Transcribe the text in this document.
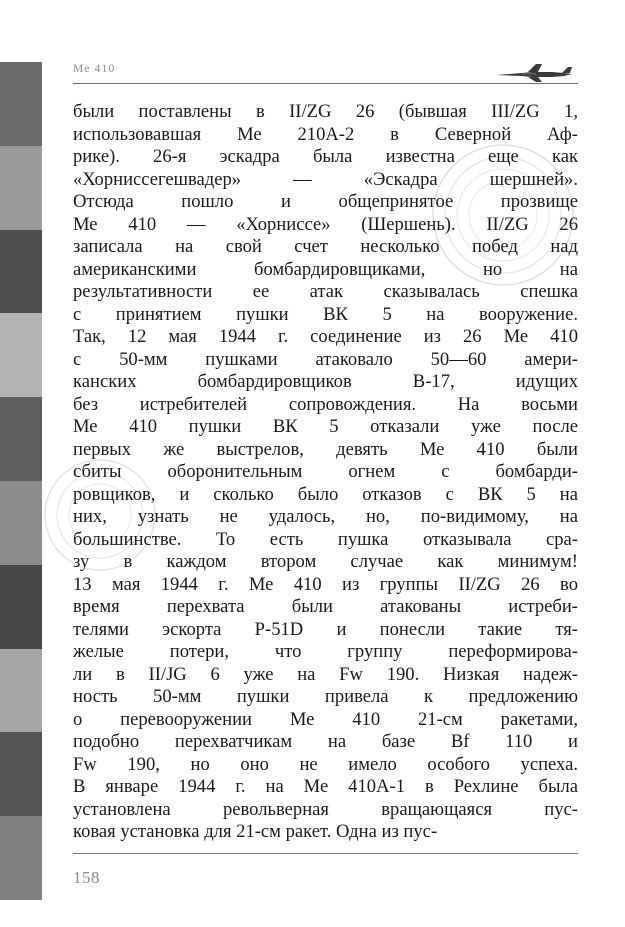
Ме 410
были поставлены в II/ZG 26 (бывшая III/ZG 1,
использовавшая Ме 210А-2 в Северной Аф-
рике). 26-я эскадра была известна еще как
«Хорниссегешвадер» — «Эскадра шершней».
Отсюда пошло и общепринятое прозвище
Ме 410 — «Хорниссе» (Шершень). II/ZG 26
записала на свой счет несколько побед над
американскими бомбардировщиками, но на
результативности ее атак сказывалась спешка
с принятием пушки ВК 5 на вооружение.
Так, 12 мая 1944 г. соединение из 26 Ме 410
с 50-мм пушками атаковало 50—60 амери-
канских бомбардировщиков В-17, идущих
без истребителей сопровождения. На восьми
Ме 410 пушки ВК 5 отказали уже после
первых же выстрелов, девять Ме 410 были
сбиты оборонительным огнем с бомбарди-
ровщиков, и сколько было отказов с ВК 5 на
них, узнать не удалось, но, по-видимому, на
большинстве. То есть пушка отказывала сра-
зу в каждом втором случае как минимум!
13 мая 1944 г. Ме 410 из группы II/ZG 26 во
время перехвата были атакованы истреби-
телями эскорта Р-51D и понесли такие тя-
желые потери, что группу переформирова-
ли в II/JG 6 уже на Fw 190. Низкая надеж-
ность 50-мм пушки привела к предложению
о перевооружении Ме 410 21-см ракетами,
подобно перехватчикам на базе Bf 110 и
Fw 190, но оно не имело особого успеха.
В январе 1944 г. на Ме 410А-1 в Рехлине была
установлена револьверная вращающаяся пус-
ковая установка для 21-см ракет. Одна из пус-
158
